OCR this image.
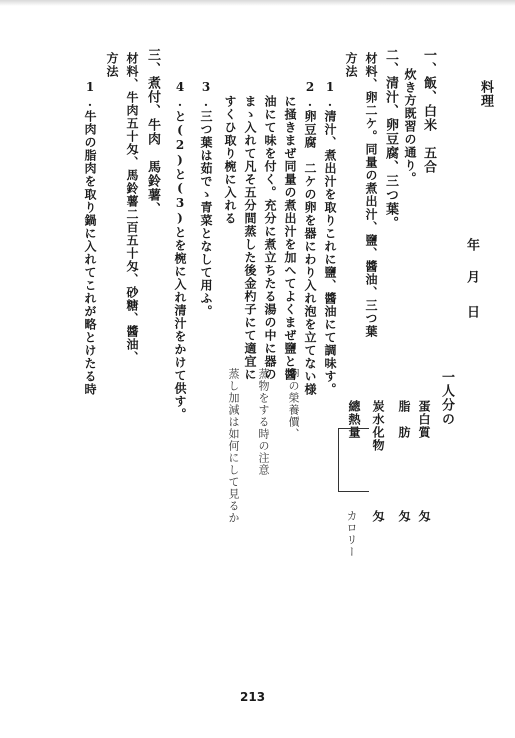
料理
年
月
日
一人分の
蛋白質
匁
脂　肪
匁
炭水化物
匁
總熱量
カロリー
卵の榮養價、
蒸物をする時の注意
蒸し加減は如何にして見るか
一、飯、白米　五合
炊き方既習の通り。
二、清汁、卵豆腐、三つ葉。
材料、卵二ケ。同量の煮出汁、鹽、醬油、三つ葉
方法
1.清汁、煮出汁を取りこれに鹽、醬油にて調味す。
2.卵豆腐　二ケの卵を器にわり入れ泡を立てない様
に掻きまぜ同量の煮出汁を加へてよくまぜ鹽と醬
油にて味を付く。充分に煮立ちたる湯の中に器の
まゝ入れて凡そ五分間蒸した後金杓子にて適宜に
すくひ取り椀に入れる
3.三つ葉は茹でゝ青菜となして用ふ。
4.と(2)と(3)とを椀に入れ清汁をかけて供す。
三、煮付、牛肉　馬鈴薯、
材料、牛肉五十匁、馬鈴薯二百五十匁、砂糖、醬油、
方法
1.牛肉の脂肉を取り鍋に入れてこれが略とけたる時
213
